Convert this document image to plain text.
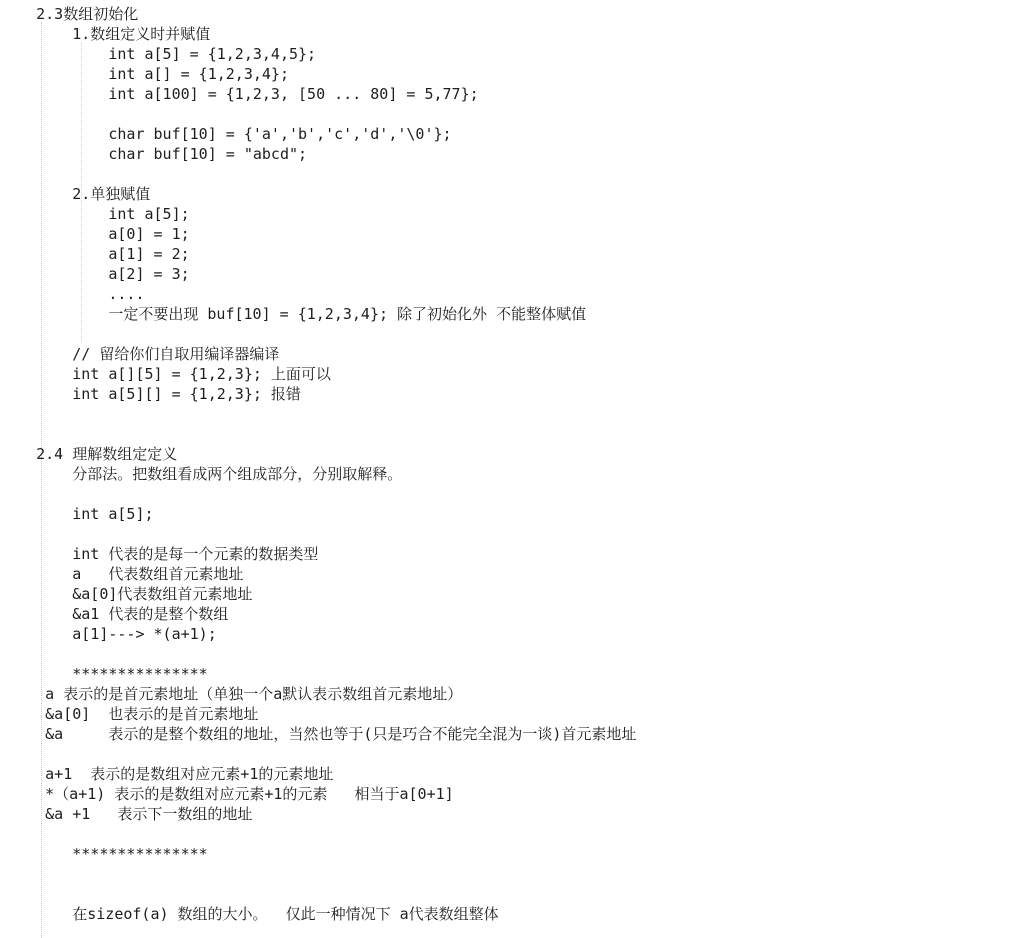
2.3数组初始化
1.数组定义时并赋值
int a[5] = {1,2,3,4,5};
int a[] = {1,2,3,4};
int a[100] = {1,2,3, [50 ... 80] = 5,77};
char buf[10] = {'a','b','c','d','\0'};
char buf[10] = "abcd";
2.单独赋值
int a[5];
a[0] = 1;
a[1] = 2;
a[2] = 3;
....
一定不要出现 buf[10] = {1,2,3,4}; 除了初始化外 不能整体赋值
// 留给你们自取用编译器编译
int a[][5] = {1,2,3}; 上面可以
int a[5][] = {1,2,3}; 报错
2.4 理解数组定定义
分部法。把数组看成两个组成部分，分别取解释。
int a[5];
int 代表的是每一个元素的数据类型
a   代表数组首元素地址
&a[0]代表数组首元素地址
&a1 代表的是整个数组
a[1]---> *(a+1);
***************
a 表示的是首元素地址（单独一个a默认表示数组首元素地址）
&a[0]  也表示的是首元素地址
&a     表示的是整个数组的地址，当然也等于(只是巧合不能完全混为一谈)首元素地址
a+1  表示的是数组对应元素+1的元素地址
*（a+1) 表示的是数组对应元素+1的元素   相当于a[0+1]
&a +1   表示下一数组的地址
***************
在sizeof(a) 数组的大小。  仅此一种情况下 a代表数组整体
